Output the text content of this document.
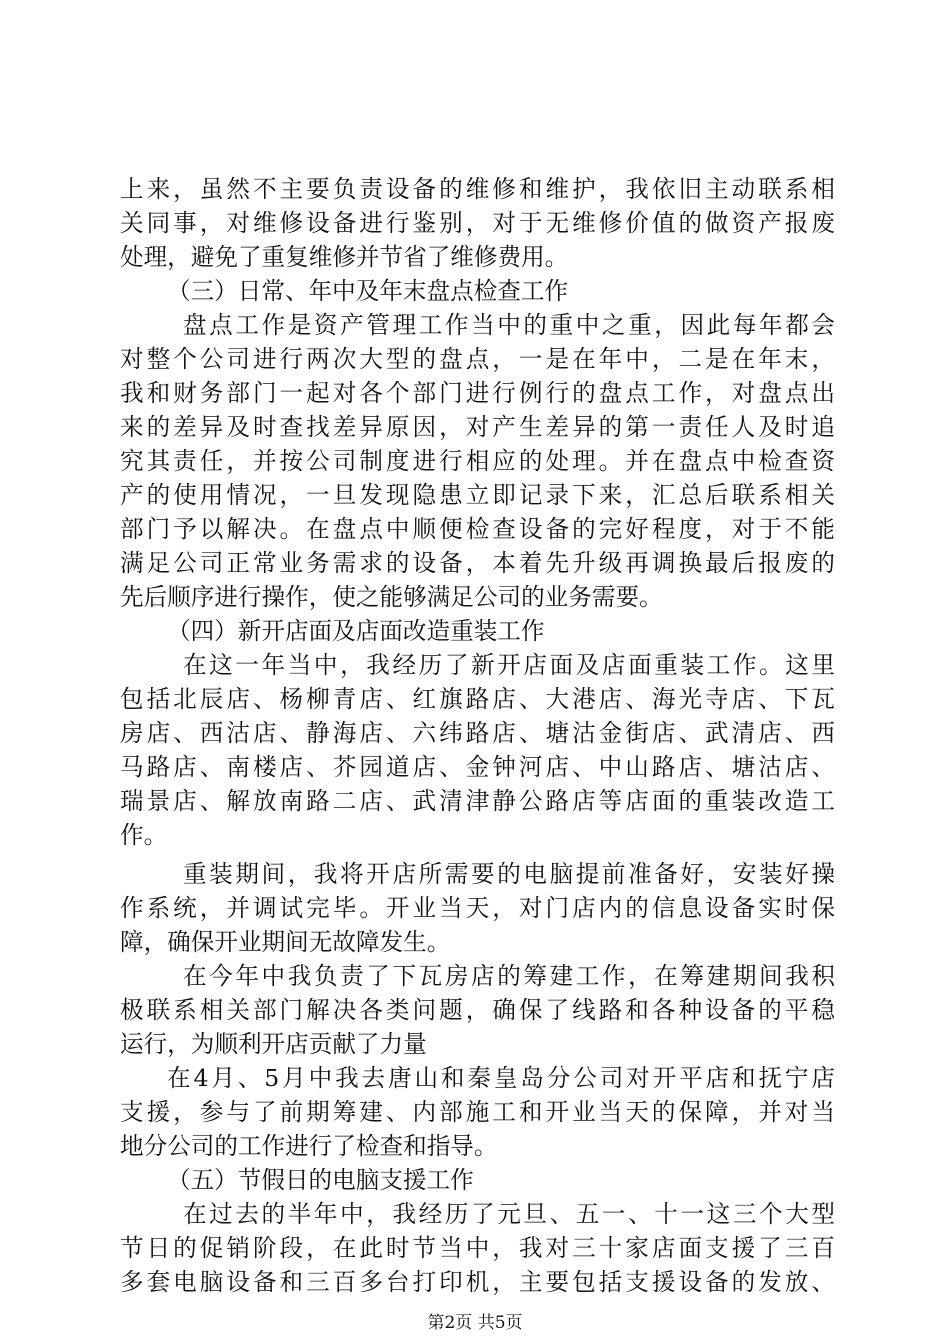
上来，虽然不主要负责设备的维修和维护，我依旧主动联系相
关同事，对维修设备进行鉴别，对于无维修价值的做资产报废
处理，避免了重复维修并节省了维修费用。
（三）日常、年中及年末盘点检查工作
盘点工作是资产管理工作当中的重中之重，因此每年都会
对整个公司进行两次大型的盘点，一是在年中，二是在年末，
我和财务部门一起对各个部门进行例行的盘点工作，对盘点出
来的差异及时查找差异原因，对产生差异的第一责任人及时追
究其责任，并按公司制度进行相应的处理。并在盘点中检查资
产的使用情况，一旦发现隐患立即记录下来，汇总后联系相关
部门予以解决。在盘点中顺便检查设备的完好程度，对于不能
满足公司正常业务需求的设备，本着先升级再调换最后报废的
先后顺序进行操作，使之能够满足公司的业务需要。
（四）新开店面及店面改造重装工作
在这一年当中，我经历了新开店面及店面重装工作。这里
包括北辰店、杨柳青店、红旗路店、大港店、海光寺店、下瓦
房店、西沽店、静海店、六纬路店、塘沽金街店、武清店、西
马路店、南楼店、芥园道店、金钟河店、中山路店、塘沽店、
瑞景店、解放南路二店、武清津静公路店等店面的重装改造工
作。
重装期间，我将开店所需要的电脑提前准备好，安装好操
作系统，并调试完毕。开业当天，对门店内的信息设备实时保
障，确保开业期间无故障发生。
在今年中我负责了下瓦房店的筹建工作，在筹建期间我积
极联系相关部门解决各类问题，确保了线路和各种设备的平稳
运行，为顺利开店贡献了力量
在4月、5月中我去唐山和秦皇岛分公司对开平店和抚宁店
支援，参与了前期筹建、内部施工和开业当天的保障，并对当
地分公司的工作进行了检查和指导。
（五）节假日的电脑支援工作
在过去的半年中，我经历了元旦、五一、十一这三个大型
节日的促销阶段，在此时节当中，我对三十家店面支援了三百
多套电脑设备和三百多台打印机，主要包括支援设备的发放、
第2页 共5页
